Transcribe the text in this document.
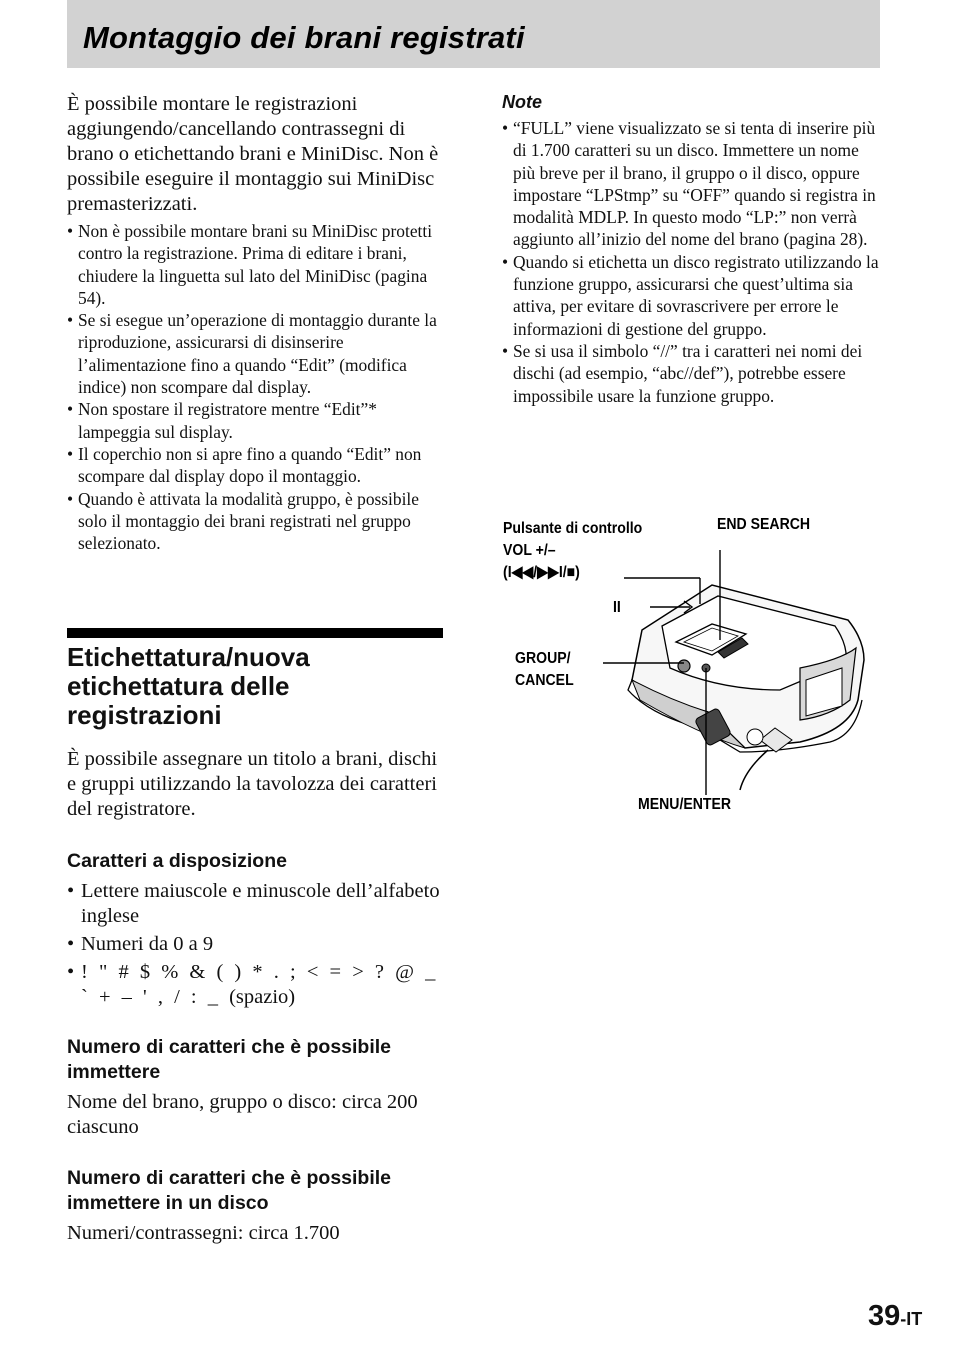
Montaggio dei brani registrati

È possibile montare le registrazioni aggiungendo/cancellando contrassegni di brano o etichettando brani e MiniDisc. Non è possibile eseguire il montaggio sui MiniDisc premasterizzati.

• Non è possibile montare brani su MiniDisc protetti contro la registrazione. Prima di editare i brani, chiudere la linguetta sul lato del MiniDisc (pagina 54).
• Se si esegue un’operazione di montaggio durante la riproduzione, assicurarsi di disinserire l’alimentazione fino a quando “Edit” (modifica indice) non scompare dal display.
• Non spostare il registratore mentre “Edit”* lampeggia sul display.
• Il coperchio non si apre fino a quando “Edit” non scompare dal display dopo il montaggio.
• Quando è attivata la modalità gruppo, è possibile solo il montaggio dei brani registrati nel gruppo selezionato.
Etichettatura/nuova etichettatura delle registrazioni

È possibile assegnare un titolo a brani, dischi e gruppi utilizzando la tavolozza dei caratteri del registratore.

Caratteri a disposizione
• Lettere maiuscole e minuscole dell’alfabeto inglese
• Numeri da 0 a 9
• ! " # $ % & ( ) * . ; < = > ? @ _ ` + – ' , / : _ (spazio)
Numero di caratteri che è possibile immettere

Nome del brano, gruppo o disco: circa 200 ciascuno

Numero di caratteri che è possibile immettere in un disco

Numeri/contrassegni: circa 1.700

Note

• “FULL” viene visualizzato se si tenta di inserire più di 1.700 caratteri su un disco. Immettere un nome più breve per il brano, il gruppo o il disco, oppure impostare “LPStmp” su “OFF” quando si registra in modalità MDLP. In questo modo “LP:” non verrà aggiunto all’inizio del nome del brano (pagina 28).
• Quando si etichetta un disco registrato utilizzando la funzione gruppo, assicurarsi che quest’ultima sia attiva, per evitare di sovrascrivere per errore le informazioni di gestione del gruppo.
• Se si usa il simbolo “//” tra i caratteri nei nomi dei dischi (ad esempio, “abc//def”), potrebbe essere impossibile usare la funzione gruppo.
Pulsante di controllo
VOL +/–
(I◀◀/▶▶I/■)
II
END SEARCH
GROUP/
CANCEL
MENU/ENTER
39-IT
